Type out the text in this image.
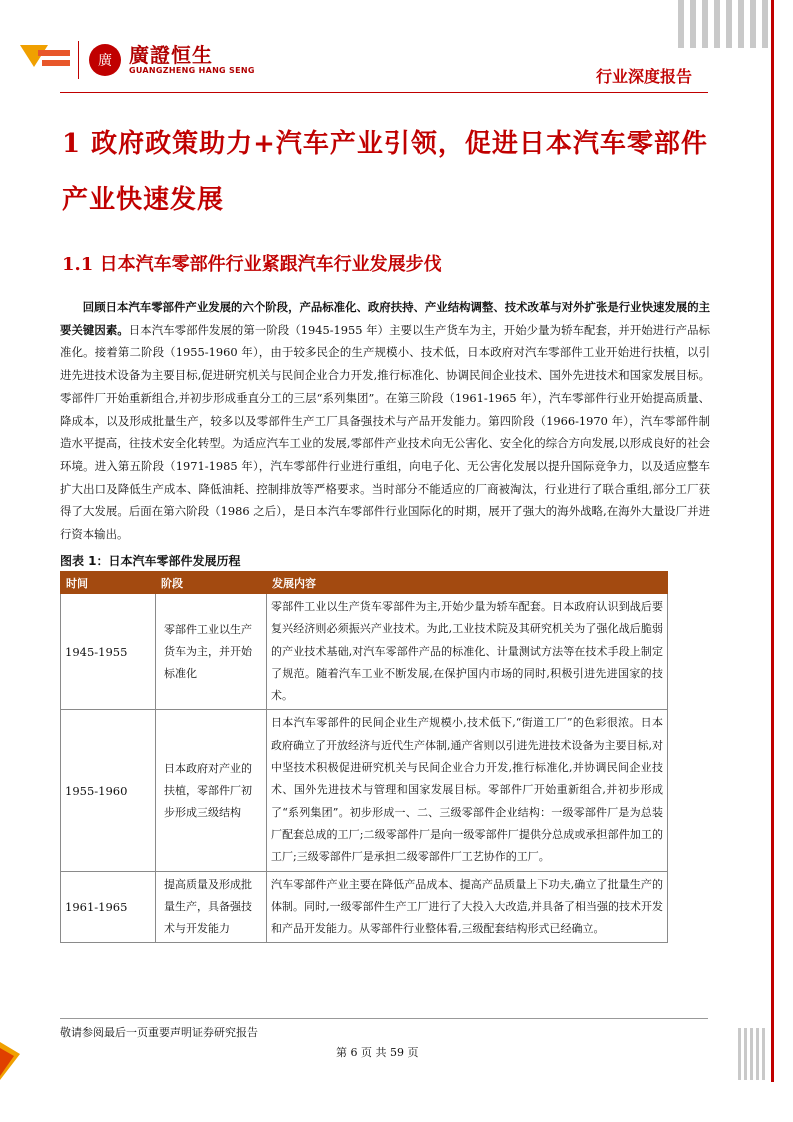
廣 廣證恒生
GUANGZHENG HANG SENG	行业深度报告
1 政府政策助力+汽车产业引领，促进日本汽车零部件产业快速发展
1.1 日本汽车零部件行业紧跟汽车行业发展步伐

回顾日本汽车零部件产业发展的六个阶段，产品标准化、政府扶持、产业结构调整、技术改革与对外扩张是行业快速发展的主要关键因素。日本汽车零部件发展的第一阶段（1945-1955 年）主要以生产货车为主，开始少量为轿车配套，并开始进行产品标准化。接着第二阶段（1955-1960 年），由于较多民企的生产规模小、技术低，日本政府对汽车零部件工业开始进行扶植，以引进先进技术设备为主要目标,促进研究机关与民间企业合力开发,推行标准化、协调民间企业技术、国外先进技术和国家发展目标。零部件厂开始重新组合,并初步形成垂直分工的三层“系列集团”。在第三阶段（1961-1965 年），汽车零部件行业开始提高质量、降成本，以及形成批量生产，较多以及零部件生产工厂具备强技术与产品开发能力。第四阶段（1966-1970 年），汽车零部件制造水平提高，往技术安全化转型。为适应汽车工业的发展,零部件产业技术向无公害化、安全化的综合方向发展,以形成良好的社会环境。进入第五阶段（1971-1985 年），汽车零部件行业进行重组，向电子化、无公害化发展以提升国际竞争力，以及适应整车扩大出口及降低生产成本、降低油耗、控制排放等严格要求。当时部分不能适应的厂商被淘汰，行业进行了联合重组,部分工厂获得了大发展。后面在第六阶段（1986 之后），是日本汽车零部件行业国际化的时期，展开了强大的海外战略,在海外大量设厂并进行资本输出。

图表 1：日本汽车零部件发展历程
时间	阶段	发展内容
1945-1955	零部件工业以生产货车为主，并开始标准化	零部件工业以生产货车零部件为主,开始少量为轿车配套。日本政府认识到战后要复兴经济则必须振兴产业技术。为此,工业技术院及其研究机关为了强化战后脆弱的产业技术基础,对汽车零部件产品的标准化、计量测试方法等在技术手段上制定了规范。随着汽车工业不断发展,在保护国内市场的同时,积极引进先进国家的技术。
1955-1960	日本政府对产业的扶植，零部件厂初步形成三级结构	日本汽车零部件的民间企业生产规模小,技术低下,“街道工厂”的色彩很浓。日本政府确立了开放经济与近代生产体制,通产省则以引进先进技术设备为主要目标,对中坚技术积极促进研究机关与民间企业合力开发,推行标准化,并协调民间企业技术、国外先进技术与管理和国家发展目标。零部件厂开始重新组合,并初步形成了“系列集团”。初步形成一、二、三级零部件企业结构：一级零部件厂是为总装厂配套总成的工厂;二级零部件厂是向一级零部件厂提供分总成或承担部件加工的工厂;三级零部件厂是承担二级零部件厂工艺协作的工厂。
1961-1965	提高质量及形成批量生产，具备强技术与开发能力	汽车零部件产业主要在降低产品成本、提高产品质量上下功夫,确立了批量生产的体制。同时,一级零部件生产工厂进行了大投入大改造,并具备了相当强的技术开发和产品开发能力。从零部件行业整体看,三级配套结构形式已经确立。
敬请参阅最后一页重要声明证券研究报告
第 6 页 共 59 页
